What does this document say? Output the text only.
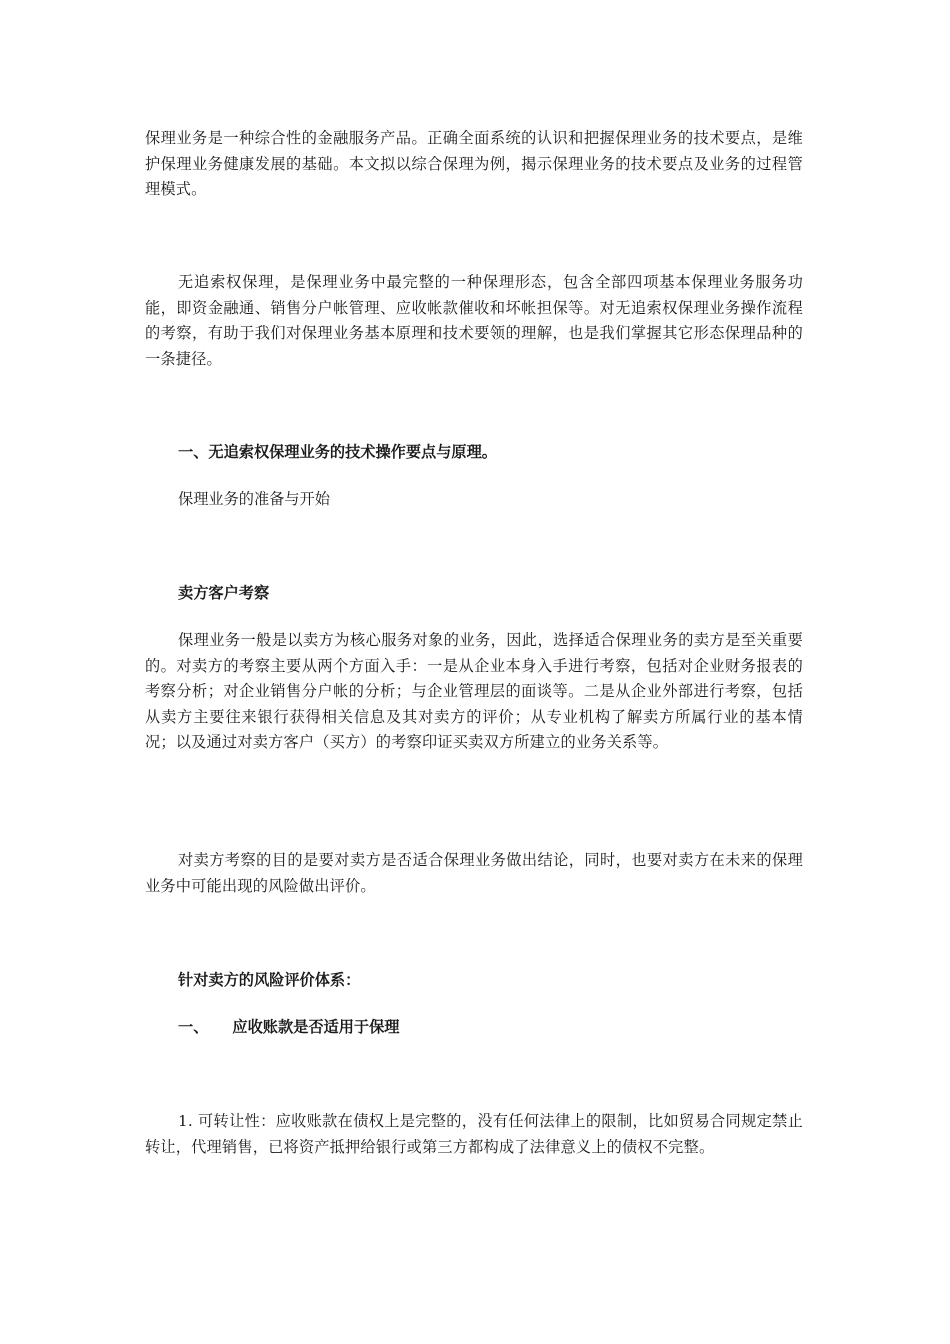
保理业务是一种综合性的金融服务产品。正确全面系统的认识和把握保理业务的技术要点，是维护保理业务健康发展的基础。本文拟以综合保理为例，揭示保理业务的技术要点及业务的过程管理模式。

无追索权保理，是保理业务中最完整的一种保理形态，包含全部四项基本保理业务服务功能，即资金融通、销售分户帐管理、应收帐款催收和坏帐担保等。对无追索权保理业务操作流程的考察，有助于我们对保理业务基本原理和技术要领的理解，也是我们掌握其它形态保理品种的一条捷径。

一、无追索权保理业务的技术操作要点与原理。

保理业务的准备与开始

卖方客户考察

保理业务一般是以卖方为核心服务对象的业务，因此，选择适合保理业务的卖方是至关重要的。对卖方的考察主要从两个方面入手：一是从企业本身入手进行考察，包括对企业财务报表的考察分析；对企业销售分户帐的分析；与企业管理层的面谈等。二是从企业外部进行考察，包括从卖方主要往来银行获得相关信息及其对卖方的评价；从专业机构了解卖方所属行业的基本情况；以及通过对卖方客户（买方）的考察印证买卖双方所建立的业务关系等。

对卖方考察的目的是要对卖方是否适合保理业务做出结论，同时，也要对卖方在未来的保理业务中可能出现的风险做出评价。

针对卖方的风险评价体系：

一、 应收账款是否适用于保理

1. 可转让性：应收账款在债权上是完整的，没有任何法律上的限制，比如贸易合同规定禁止转让，代理销售，已将资产抵押给银行或第三方都构成了法律意义上的债权不完整。
